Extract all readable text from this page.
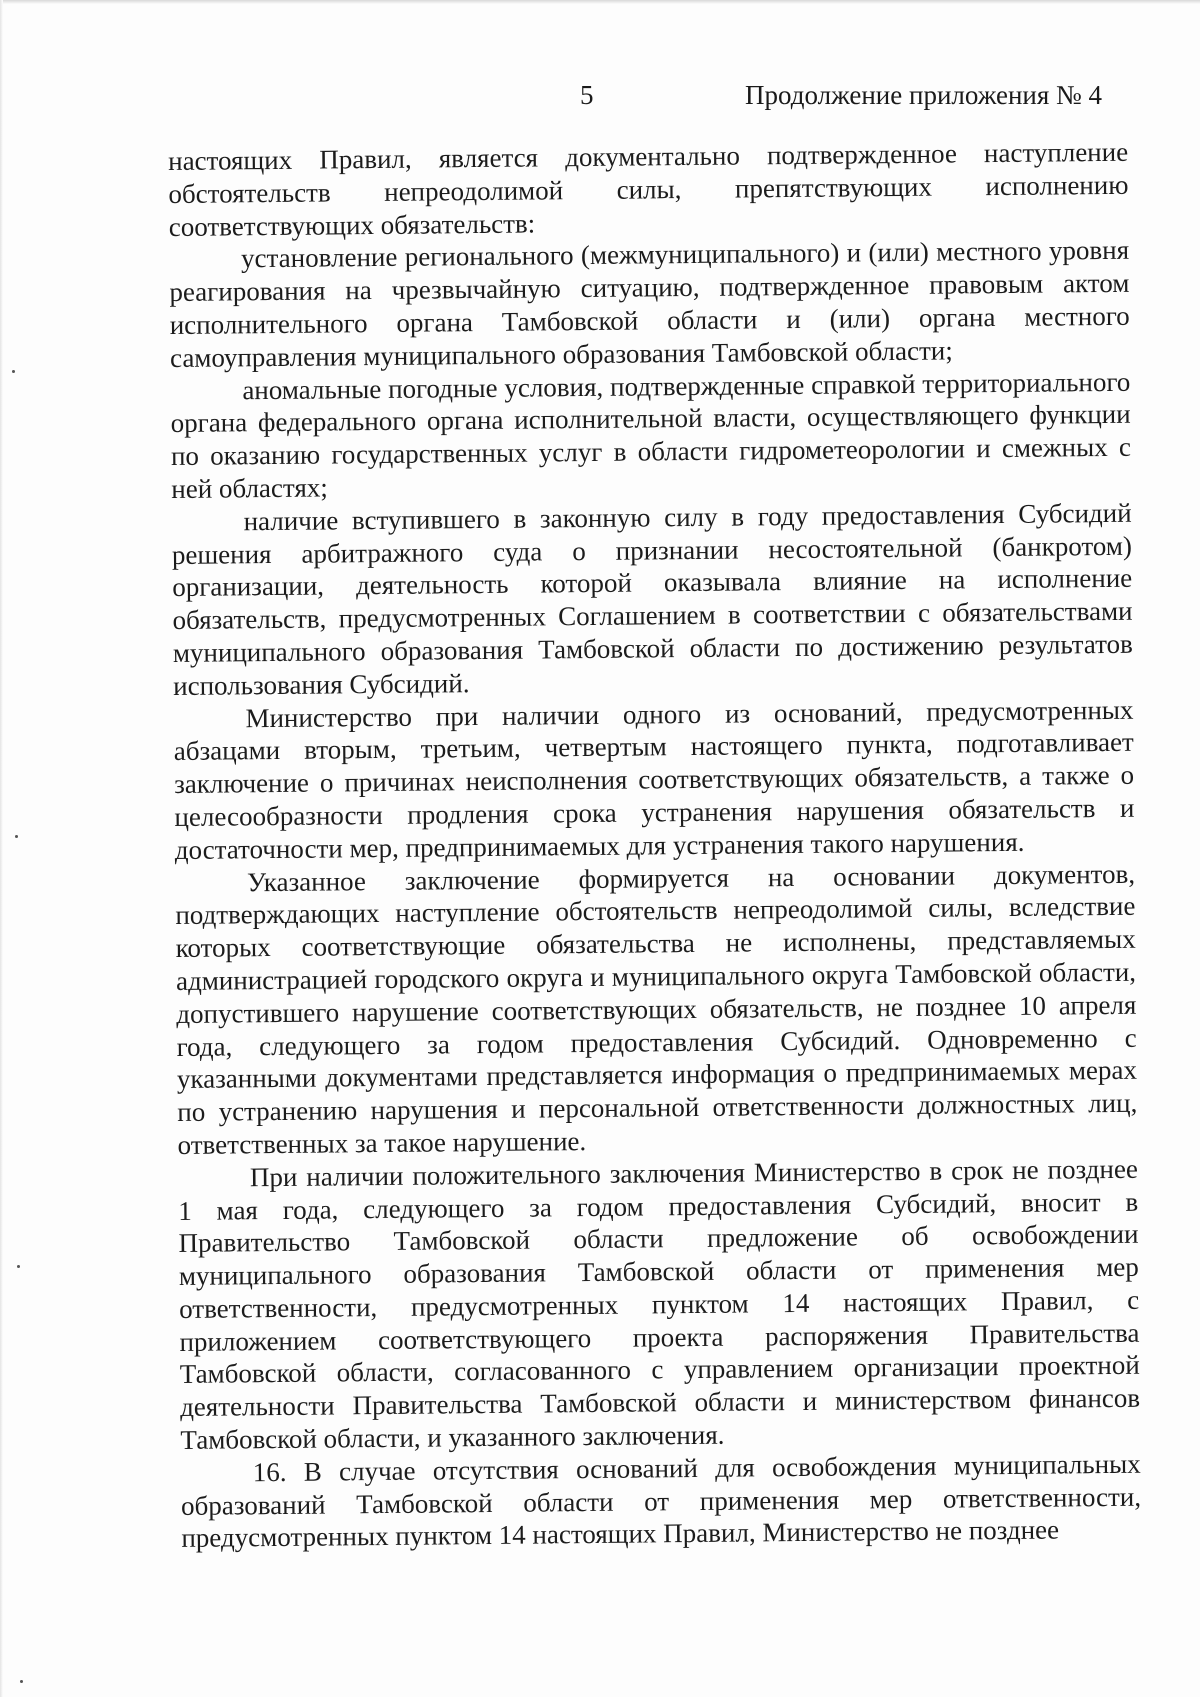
5	Продолжение приложения № 4

настоящих Правил, является документально подтвержденное наступление обстоятельств непреодолимой силы, препятствующих исполнению соответствующих обязательств:

установление регионального (межмуниципального) и (или) местного уровня реагирования на чрезвычайную ситуацию, подтвержденное правовым актом исполнительного органа Тамбовской области и (или) органа местного самоуправления муниципального образования Тамбовской области;

аномальные погодные условия, подтвержденные справкой территориального органа федерального органа исполнительной власти, осуществляющего функции по оказанию государственных услуг в области гидрометеорологии и смежных с ней областях;

наличие вступившего в законную силу в году предоставления Субсидий решения арбитражного суда о признании несостоятельной (банкротом) организации, деятельность которой оказывала влияние на исполнение обязательств, предусмотренных Соглашением в соответствии с обязательствами муниципального образования Тамбовской области по достижению результатов использования Субсидий.

Министерство при наличии одного из оснований, предусмотренных абзацами вторым, третьим, четвертым настоящего пункта, подготавливает заключение о причинах неисполнения соответствующих обязательств, а также о целесообразности продления срока устранения нарушения обязательств и достаточности мер, предпринимаемых для устранения такого нарушения.

Указанное заключение формируется на основании документов, подтверждающих наступление обстоятельств непреодолимой силы, вследствие которых соответствующие обязательства не исполнены, представляемых администрацией городского округа и муниципального округа Тамбовской области, допустившего нарушение соответствующих обязательств, не позднее 10 апреля года, следующего за годом предоставления Субсидий. Одновременно с указанными документами представляется информация о предпринимаемых мерах по устранению нарушения и персональной ответственности должностных лиц, ответственных за такое нарушение.

При наличии положительного заключения Министерство в срок не позднее 1 мая года, следующего за годом предоставления Субсидий, вносит в Правительство Тамбовской области предложение об освобождении муниципального образования Тамбовской области от применения мер ответственности, предусмотренных пунктом 14 настоящих Правил, с приложением соответствующего проекта распоряжения Правительства Тамбовской области, согласованного с управлением организации проектной деятельности Правительства Тамбовской области и министерством финансов Тамбовской области, и указанного заключения.

16. В случае отсутствия оснований для освобождения муниципальных образований Тамбовской области от применения мер ответственности, предусмотренных пунктом 14 настоящих Правил, Министерство не позднее
